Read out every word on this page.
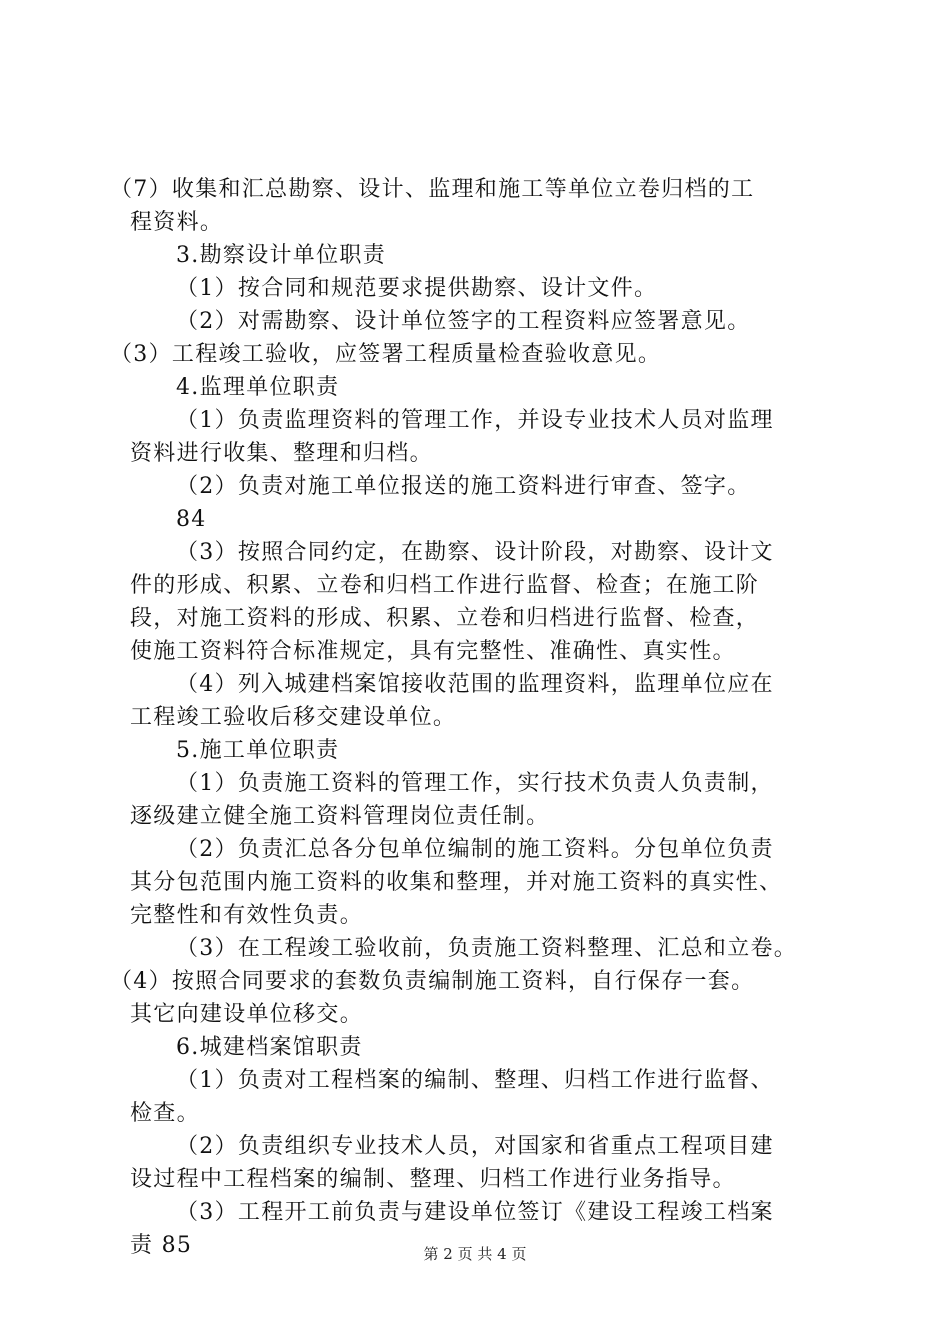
（7）收集和汇总勘察、设计、监理和施工等单位立卷归档的工
程资料。
3.勘察设计单位职责
（1）按合同和规范要求提供勘察、设计文件。
（2）对需勘察、设计单位签字的工程资料应签署意见。
（3）工程竣工验收，应签署工程质量检查验收意见。
4.监理单位职责
（1）负责监理资料的管理工作，并设专业技术人员对监理
资料进行收集、整理和归档。
（2）负责对施工单位报送的施工资料进行审查、签字。
84
（3）按照合同约定，在勘察、设计阶段，对勘察、设计文
件的形成、积累、立卷和归档工作进行监督、检查；在施工阶
段，对施工资料的形成、积累、立卷和归档进行监督、检查，
使施工资料符合标准规定，具有完整性、准确性、真实性。
（4）列入城建档案馆接收范围的监理资料，监理单位应在
工程竣工验收后移交建设单位。
5.施工单位职责
（1）负责施工资料的管理工作，实行技术负责人负责制，
逐级建立健全施工资料管理岗位责任制。
（2）负责汇总各分包单位编制的施工资料。分包单位负责
其分包范围内施工资料的收集和整理，并对施工资料的真实性、
完整性和有效性负责。
（3）在工程竣工验收前，负责施工资料整理、汇总和立卷。
（4）按照合同要求的套数负责编制施工资料，自行保存一套。
其它向建设单位移交。
6.城建档案馆职责
（1）负责对工程档案的编制、整理、归档工作进行监督、
检查。
（2）负责组织专业技术人员，对国家和省重点工程项目建
设过程中工程档案的编制、整理、归档工作进行业务指导。
（3）工程开工前负责与建设单位签订《建设工程竣工档案
责 85	第 2 页 共 4 页
